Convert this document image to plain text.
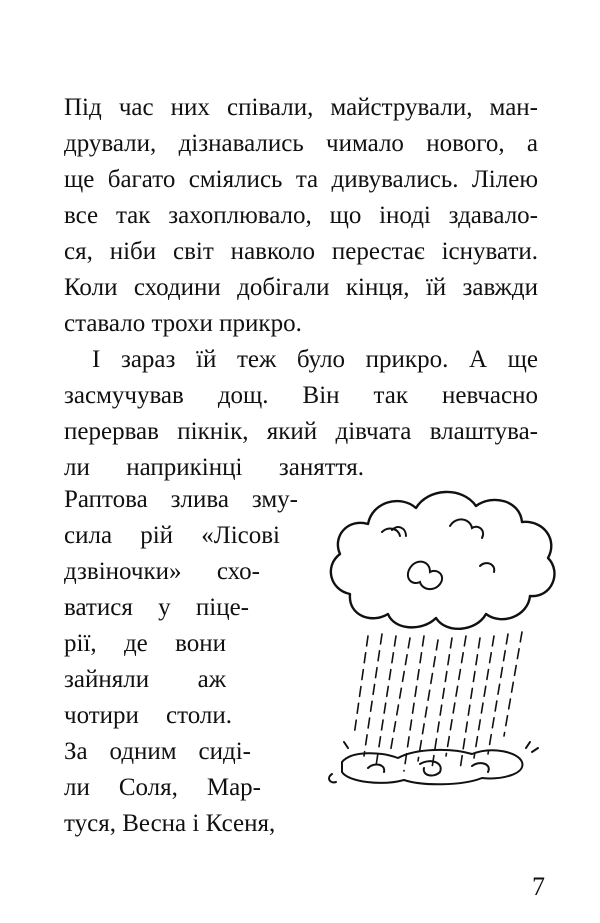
Під час них співали, майстрували, ман-
дрували, дізнавались чимало нового, а
ще багато сміялись та дивувались. Лілею
все так захоплювало, що іноді здавало-
ся, ніби світ навколо перестає існувати.
Коли сходини добігали кінця, їй завжди
ставало трохи прикро.
І зараз їй теж було прикро. А ще
засмучував дощ. Він так невчасно
перервав пікнік, який дівчата влаштува-
ли наприкінці заняття.
Раптова злива зму-
сила рій «Лісові
дзвіночки» схо-
ватися у піце-
рії, де вони
зайняли аж
чотири столи.
За одним сиді-
ли Соля, Мар-
туся, Весна і Ксеня,
7
